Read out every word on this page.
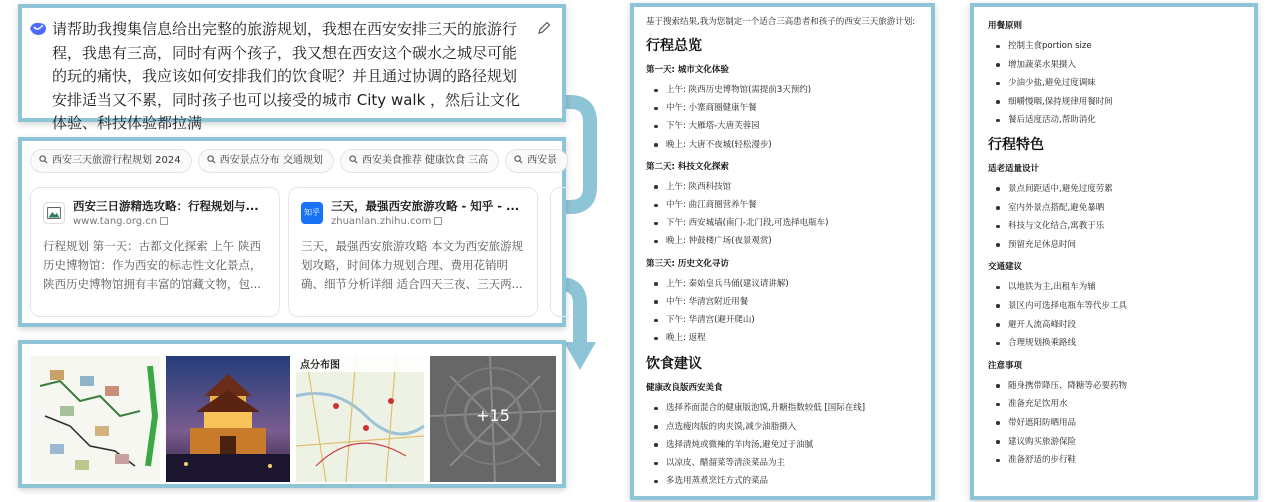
请帮助我搜集信息给出完整的旅游规划，我想在西安安排三天的旅游行程，我患有三高，同时有两个孩子，我又想在西安这个碳水之城尽可能的玩的痛快，我应该如何安排我们的饮食呢？并且通过协调的路径规划安排适当又不累，同时孩子也可以接受的城市 City walk ，然后让文化体验、科技体验都拉满

西安三天旅游行程规划 2024	西安景点分布 交通规划	西安美食推荐 健康饮食 三高	西安景
西安三日游精选攻略：行程规划与...
www.tang.org.cn
行程规划 第一天：古都文化探索 上午 陕西历史博物馆：作为西安的标志性文化景点，陕西历史博物馆拥有丰富的馆藏文物，包...
知乎 三天，最强西安旅游攻略 - 知乎 - ...
zhuanlan.zhihu.com
三天，最强西安旅游攻略 本文为西安旅游规划攻略，时间体力规划合理、费用花销明确、细节分析详细 适合四天三夜、三天两...
点分布图
+15

基于搜索结果,我为您制定一个适合三高患者和孩子的西安三天旅游计划:

行程总览
第一天: 城市文化体验
上午: 陕西历史博物馆(需提前3天预约)
中午: 小寨商圈健康午餐
下午: 大雁塔-大唐芙蓉园
晚上: 大唐不夜城(轻松漫步)
第二天: 科技文化探索
上午: 陕西科技馆
中午: 曲江商圈营养午餐
下午: 西安城墙(南门-北门段,可选择电瓶车)
晚上: 钟鼓楼广场(夜景观赏)
第三天: 历史文化寻访
上午: 秦始皇兵马俑(建议请讲解)
中午: 华清宫附近用餐
下午: 华清宫(避开爬山)
晚上: 返程
饮食建议
健康改良版西安美食
选择荞面混合的健康版泡馍,升糖指数较低 [国际在线]
点选瘦肉版的肉夹馍,减少油脂摄入
选择清炖或微辣的羊肉汤,避免过于油腻
以凉皮、醋溜菜等清淡菜品为主
多选用蒸煮烹饪方式的菜品
用餐原则
控制主食portion size
增加蔬菜水果摄入
少油少盐,避免过度调味
细嚼慢咽,保持规律用餐时间
餐后适度活动,帮助消化
行程特色
适老适量设计
景点间距适中,避免过度劳累
室内外景点搭配,避免暴晒
科技与文化结合,寓教于乐
预留充足休息时间
交通建议
以地铁为主,出租车为辅
景区内可选择电瓶车等代步工具
避开人流高峰时段
合理规划换乘路线
注意事项
随身携带降压、降糖等必要药物
准备充足饮用水
带好遮阳防晒用品
建议购买旅游保险
准备舒适的步行鞋
